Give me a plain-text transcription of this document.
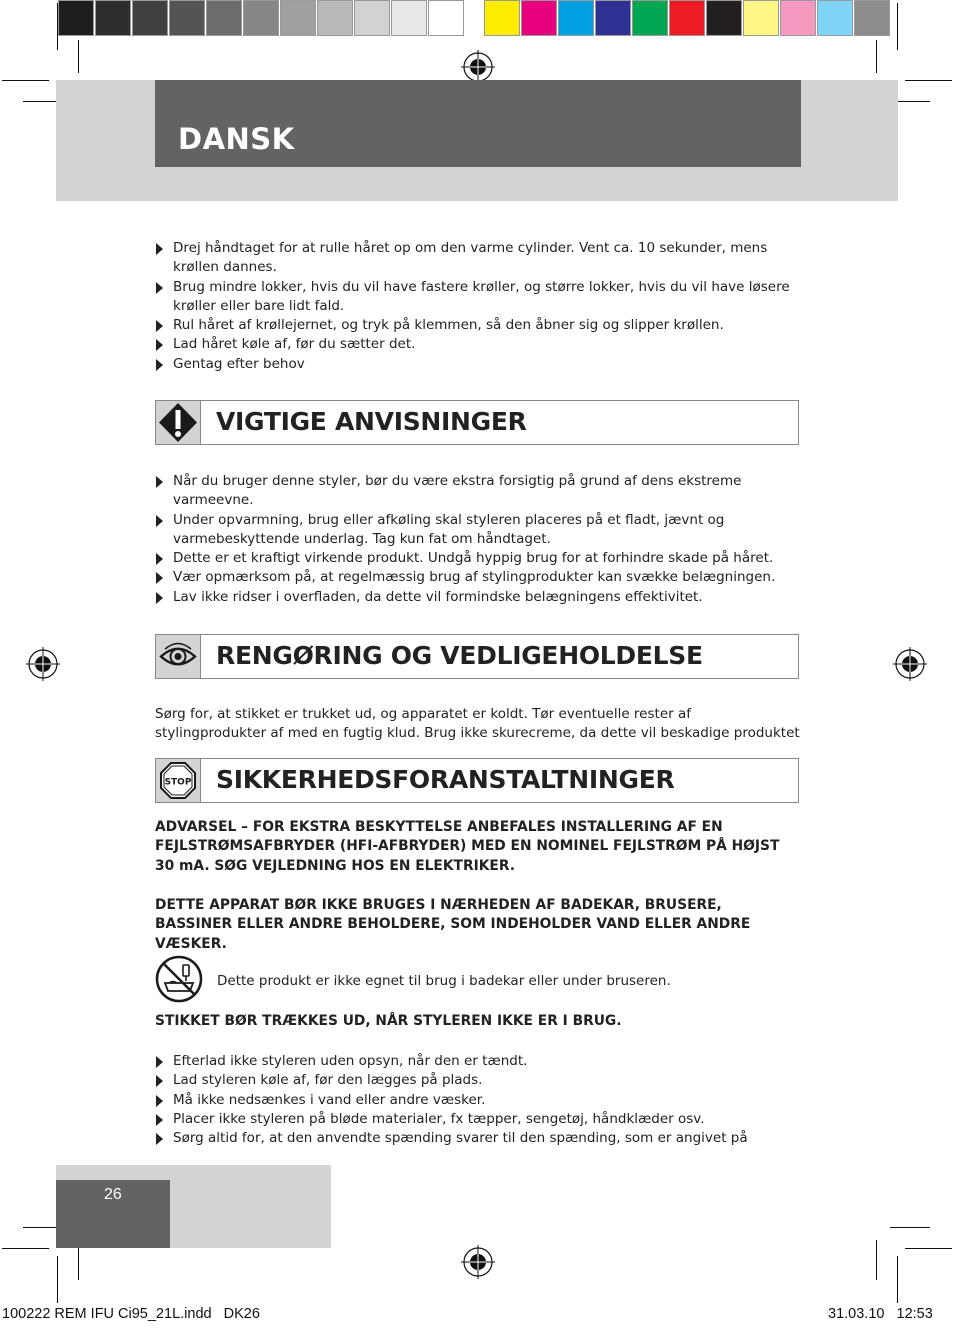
DANSK
Drej håndtaget for at rulle håret op om den varme cylinder. Vent ca. 10 sekunder, mens krøllen dannes.
Brug mindre lokker, hvis du vil have fastere krøller, og større lokker, hvis du vil have løsere krøller eller bare lidt fald.
Rul håret af krøllejernet, og tryk på klemmen, så den åbner sig og slipper krøllen.
Lad håret køle af, før du sætter det.
Gentag efter behov
VIGTIGE ANVISNINGER
Når du bruger denne styler, bør du være ekstra forsigtig på grund af dens ekstreme varmeevne.
Under opvarmning, brug eller afkøling skal styleren placeres på et fladt, jævnt og varmebeskyttende underlag. Tag kun fat om håndtaget.
Dette er et kraftigt virkende produkt. Undgå hyppig brug for at forhindre skade på håret.
Vær opmærksom på, at regelmæssig brug af stylingprodukter kan svække belægningen.
Lav ikke ridser i overfladen, da dette vil formindske belægningens effektivitet.
RENGØRING OG VEDLIGEHOLDELSE
Sørg for, at stikket er trukket ud, og apparatet er koldt. Tør eventuelle rester af stylingprodukter af med en fugtig klud. Brug ikke skurecreme, da dette vil beskadige produktet
STOP SIKKERHEDSFORANSTALTNINGER
ADVARSEL – FOR EKSTRA BESKYTTELSE ANBEFALES INSTALLERING AF EN FEJLSTRØMSAFBRYDER (HFI-AFBRYDER) MED EN NOMINEL FEJLSTRØM PÅ HØJST 30 mA. SØG VEJLEDNING HOS EN ELEKTRIKER.
DETTE APPARAT BØR IKKE BRUGES I NÆRHEDEN AF BADEKAR, BRUSERE, BASSINER ELLER ANDRE BEHOLDERE, SOM INDEHOLDER VAND ELLER ANDRE VÆSKER.
Dette produkt er ikke egnet til brug i badekar eller under bruseren.
STIKKET BØR TRÆKKES UD, NÅR STYLEREN IKKE ER I BRUG.
Efterlad ikke styleren uden opsyn, når den er tændt.
Lad styleren køle af, før den lægges på plads.
Må ikke nedsænkes i vand eller andre væsker.
Placer ikke styleren på bløde materialer, fx tæpper, sengetøj, håndklæder osv.
Sørg altid for, at den anvendte spænding svarer til den spænding, som er angivet på
26
100222 REM IFU Ci95_21L.indd   DK26	31.03.10   12:53
